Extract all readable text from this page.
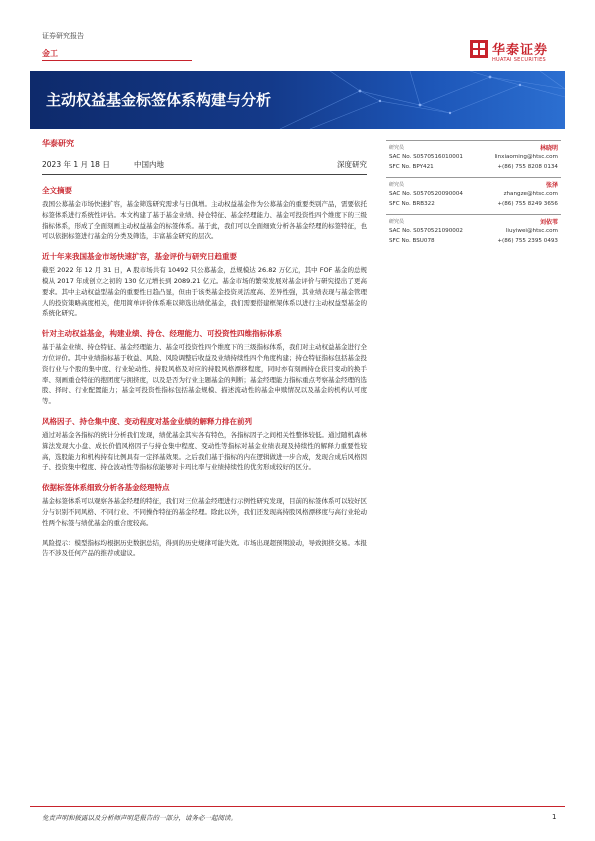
证券研究报告
金工	华泰证券
HUATAI SECURITIES
主动权益基金标签体系构建与分析
华泰研究
2023 年 1 月 18 日	中国内地	深度研究
全文摘要
我国公募基金市场快速扩容，基金筛选研究需求与日俱增。主动权益基金作为公募基金的重要类别产品，需要依托标签体系进行系统性评估。本文构建了基于基金业绩、持仓特征、基金经理能力、基金可投资性四个维度下的三级指标体系，形成了全面刻画主动权益基金的标签体系。基于此，我们可以全面细致分析各基金经理的标签特征，也可以依据标签进行基金的分类及筛选，丰富基金研究的层次。
近十年来我国基金市场快速扩容，基金评价与研究日趋重要
截至 2022 年 12 月 31 日，A 股市场共有 10492 只公募基金，总规模达 26.82 万亿元，其中 FOF 基金的总规模从 2017 年成创立之初的 130 亿元增长到 2089.21 亿元。基金市场的繁荣发展对基金评价与研究提出了更高要求。其中主动权益型基金的重要性日趋凸显，但由于该类基金投资灵活度高、差异性强，其业绩表现与基金管理人的投资策略高度相关，使用简单评价体系难以筛选出绩优基金，我们需要搭建框架体系以进行主动权益型基金的系统化研究。
针对主动权益基金，构建业绩、持仓、经理能力、可投资性四维指标体系
基于基金业绩、持仓特征、基金经理能力、基金可投资性四个维度下的三级指标体系，我们对主动权益基金进行全方位评价。其中业绩指标基于收益、风险、风险调整后收益及业绩持续性四个角度构建；持仓特征指标包括基金投资行业与个股的集中度、行业轮动性、持股风格及对应的持股风格漂移程度，同时亦有刻画持仓获目变动的换手率、刻画重仓特征的抱团度与拥挤度，以及是否为行业主题基金的判断；基金经理能力指标重点考察基金经理的选股、择时、行业配置能力；基金可投资性指标包括基金规模、描述流动性的基金申赎情况以及基金的机构认可度等。
风格因子、持仓集中度、变动程度对基金业绩的解释力排在前列
通过对基金各指标的统计分析我们发现，绩优基金其实各有特色，各指标因子之间相关性整体较低。通过随机森林算法发现大小盘、成长价值风格因子与持仓集中程度、变动性等指标对基金业绩表现及持续性的解释力重要性较高，选股能力和机构持有比例具有一定择基效果。之后我们基于指标的内在逻辑做进一步合成，发现合成后风格因子、投资集中程度、持仓波动性等指标依能够对卡玛比率与业绩持续性的优劣形成较好的区分。
依据标签体系细致分析各基金经理特点
基金标签体系可以观察各基金经理的特征，我们对三位基金经理进行示例性研究发现，目前的标签体系可以较好区分与识别不同风格、不同行业、不同操作特征的基金经理。除此以外，我们还发现高持股风格漂移度与高行业轮动性两个标签与绩优基金的重合度较高。
风险提示：模型指标均根据历史数据总结，得到的历史规律可能失效。市场出现超预期波动，导致拥挤交易。本报告不涉及任何产品的推荐或建议。
研究员	林晓明
SAC No. S0570516010001	linxiaoming@htsc.com
SFC No. BPY421	+(86) 755 8208 0134
研究员	张泽
SAC No. S0570520090004	zhangze@htsc.com
SFC No. BRB322	+(86) 755 8249 3656
研究员	刘依苇
SAC No. S0570521090002	liuyiwei@htsc.com
SFC No. BSU078	+(86) 755 2395 0493
免责声明和披露以及分析师声明是报告的一部分，请务必一起阅读。	1
